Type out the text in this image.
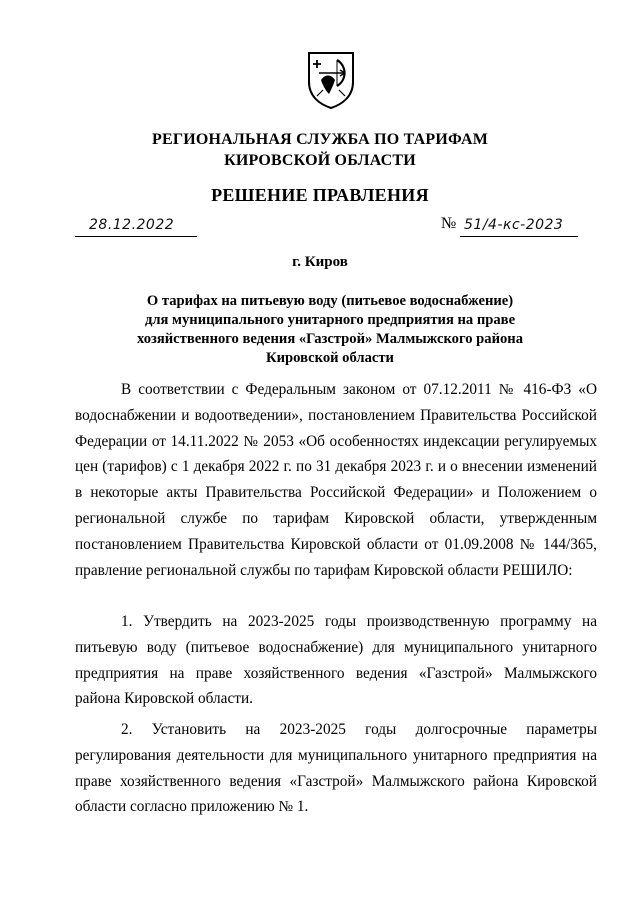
РЕГИОНАЛЬНАЯ СЛУЖБА ПО ТАРИФАМ
КИРОВСКОЙ ОБЛАСТИ
РЕШЕНИЕ ПРАВЛЕНИЯ
28.12.2022	№ 51/4-кс-2023
г. Киров
О тарифах на питьевую воду (питьевое водоснабжение)
для муниципального унитарного предприятия на праве
хозяйственного ведения «Газстрой» Малмыжского района
Кировской области
В соответствии с Федеральным законом от 07.12.2011 № 416-ФЗ «О водоснабжении и водоотведении», постановлением Правительства Российской Федерации от 14.11.2022 № 2053 «Об особенностях индексации регулируемых цен (тарифов) с 1 декабря 2022 г. по 31 декабря 2023 г. и о внесении изменений в некоторые акты Правительства Российской Федерации» и Положением о региональной службе по тарифам Кировской области, утвержденным постановлением Правительства Кировской области от 01.09.2008 № 144/365, правление региональной службы по тарифам Кировской области РЕШИЛО:
1. Утвердить на 2023-2025 годы производственную программу на питьевую воду (питьевое водоснабжение) для муниципального унитарного предприятия на праве хозяйственного ведения «Газстрой» Малмыжского района Кировской области.
2. Установить на 2023-2025 годы долгосрочные параметры регулирования деятельности для муниципального унитарного предприятия на праве хозяйственного ведения «Газстрой» Малмыжского района Кировской области согласно приложению № 1.
